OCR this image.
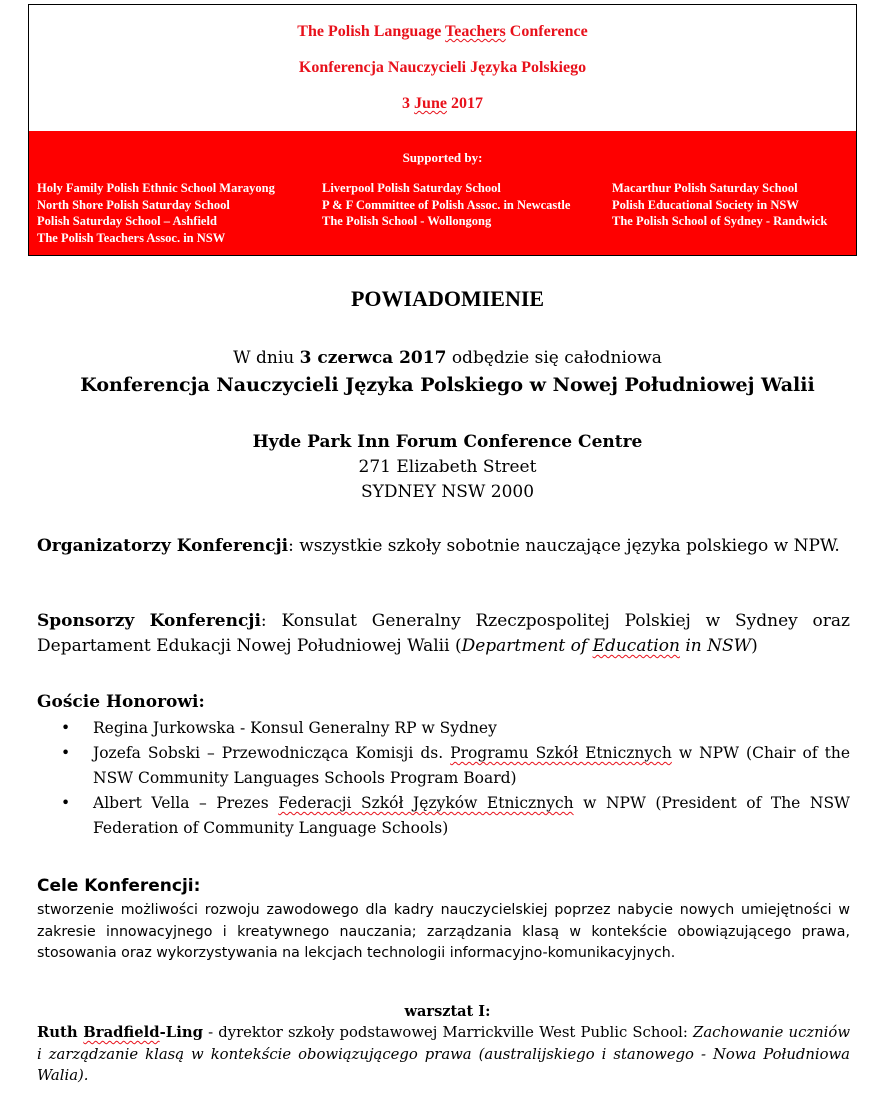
The Polish Language Teachers Conference
Konferencja Nauczycieli Języka Polskiego
3 June 2017
Supported by:
Holy Family Polish Ethnic School Marayong
North Shore Polish Saturday School
Polish Saturday School – Ashfield
The Polish Teachers Assoc. in NSW
Liverpool Polish Saturday School
P & F Committee of Polish Assoc. in Newcastle
The Polish School - Wollongong
Macarthur Polish Saturday School
Polish Educational Society in NSW
The Polish School of Sydney - Randwick
POWIADOMIENIE
W dniu 3 czerwca 2017 odbędzie się całodniowa
Konferencja Nauczycieli Języka Polskiego w Nowej Południowej Walii
Hyde Park Inn Forum Conference Centre
271 Elizabeth Street
SYDNEY NSW 2000
Organizatorzy Konferencji: wszystkie szkoły sobotnie nauczające języka polskiego w NPW.
Sponsorzy Konferencji: Konsulat Generalny Rzeczpospolitej Polskiej w Sydney oraz Departament Edukacji Nowej Południowej Walii (Department of Education in NSW)
Goście Honorowi:
• Regina Jurkowska - Konsul Generalny RP w Sydney
• Jozefa Sobski – Przewodnicząca Komisji ds. Programu Szkół Etnicznych w NPW (Chair of the NSW Community Languages Schools Program Board)
• Albert Vella – Prezes Federacji Szkół Języków Etnicznych w NPW (President of The NSW Federation of Community Language Schools)
Cele Konferencji:
stworzenie możliwości rozwoju zawodowego dla kadry nauczycielskiej poprzez nabycie nowych umiejętności w zakresie innowacyjnego i kreatywnego nauczania; zarządzania klasą w kontekście obowiązującego prawa, stosowania oraz wykorzystywania na lekcjach technologii informacyjno-komunikacyjnych.
warsztat I:
Ruth Bradfield-Ling - dyrektor szkoły podstawowej Marrickville West Public School: Zachowanie uczniów i zarządzanie klasą w kontekście obowiązującego prawa (australijskiego i stanowego - Nowa Południowa Walia).
